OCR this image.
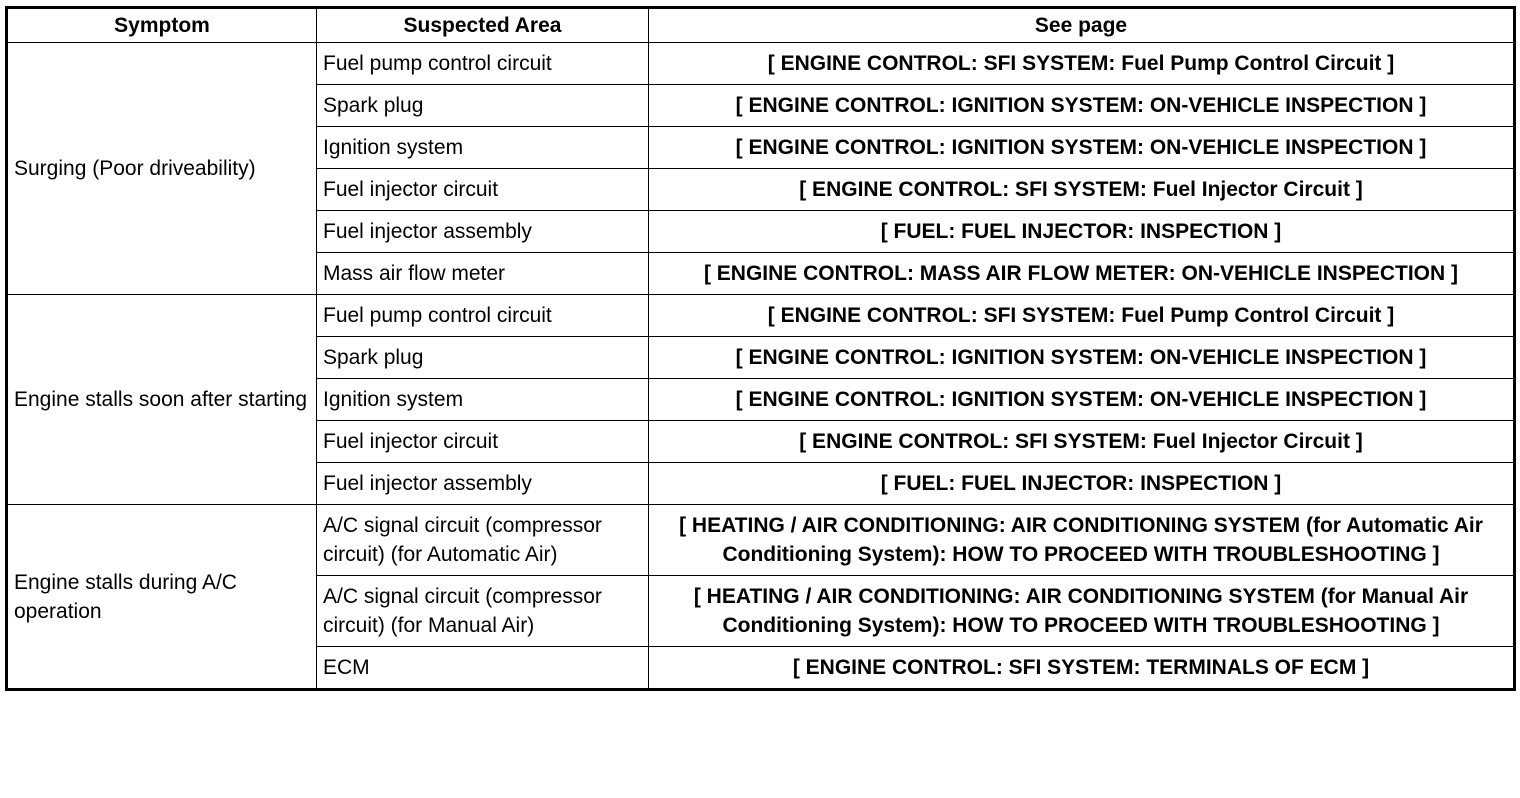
Symptom	Suspected Area	See page
Surging (Poor driveability)	Fuel pump control circuit	[ ENGINE CONTROL: SFI SYSTEM: Fuel Pump Control Circuit ]
	Spark plug	[ ENGINE CONTROL: IGNITION SYSTEM: ON-VEHICLE INSPECTION ]
	Ignition system	[ ENGINE CONTROL: IGNITION SYSTEM: ON-VEHICLE INSPECTION ]
	Fuel injector circuit	[ ENGINE CONTROL: SFI SYSTEM: Fuel Injector Circuit ]
	Fuel injector assembly	[ FUEL: FUEL INJECTOR: INSPECTION ]
	Mass air flow meter	[ ENGINE CONTROL: MASS AIR FLOW METER: ON-VEHICLE INSPECTION ]
Engine stalls soon after starting	Fuel pump control circuit	[ ENGINE CONTROL: SFI SYSTEM: Fuel Pump Control Circuit ]
	Spark plug	[ ENGINE CONTROL: IGNITION SYSTEM: ON-VEHICLE INSPECTION ]
	Ignition system	[ ENGINE CONTROL: IGNITION SYSTEM: ON-VEHICLE INSPECTION ]
	Fuel injector circuit	[ ENGINE CONTROL: SFI SYSTEM: Fuel Injector Circuit ]
	Fuel injector assembly	[ FUEL: FUEL INJECTOR: INSPECTION ]
Engine stalls during A/C operation	A/C signal circuit (compressor circuit) (for Automatic Air)	[ HEATING / AIR CONDITIONING: AIR CONDITIONING SYSTEM (for Automatic Air Conditioning System): HOW TO PROCEED WITH TROUBLESHOOTING ]
	A/C signal circuit (compressor circuit) (for Manual Air)	[ HEATING / AIR CONDITIONING: AIR CONDITIONING SYSTEM (for Manual Air Conditioning System): HOW TO PROCEED WITH TROUBLESHOOTING ]
	ECM	[ ENGINE CONTROL: SFI SYSTEM: TERMINALS OF ECM ]
